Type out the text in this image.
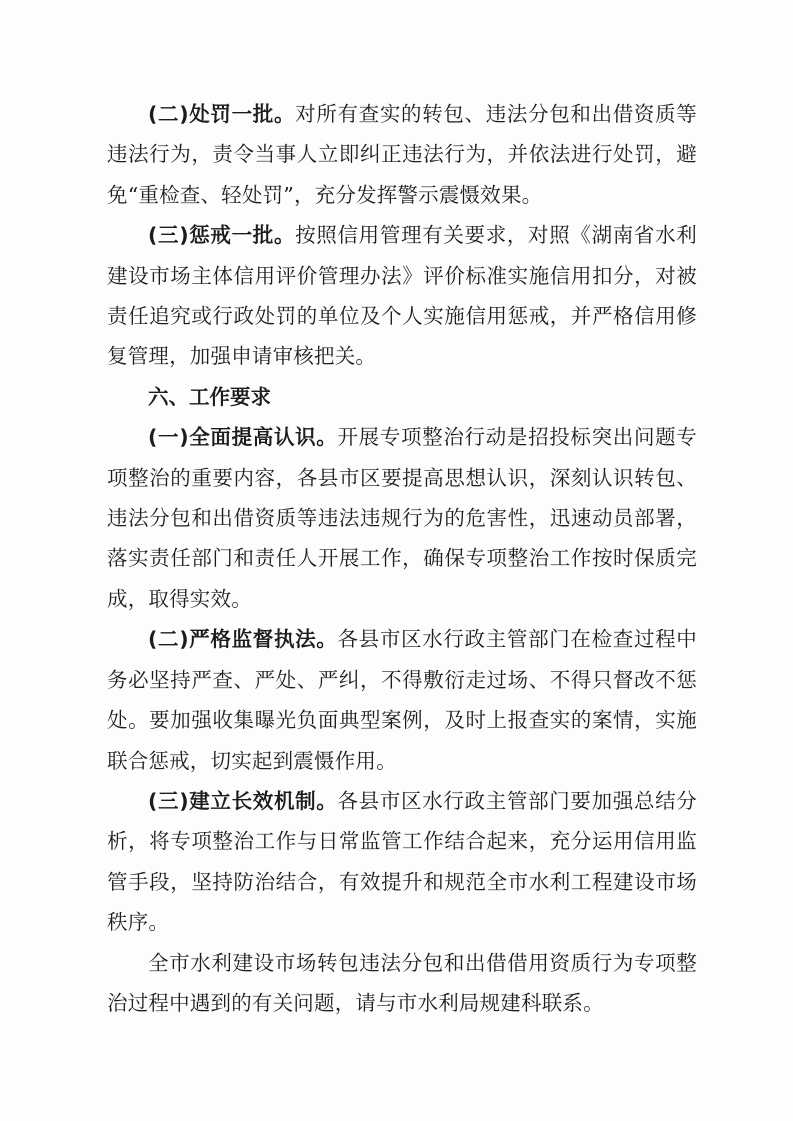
(二)处罚一批。对所有查实的转包、违法分包和出借资质等违法行为，责令当事人立即纠正违法行为，并依法进行处罚，避免“重检查、轻处罚”，充分发挥警示震慑效果。

(三)惩戒一批。按照信用管理有关要求，对照《湖南省水利建设市场主体信用评价管理办法》评价标准实施信用扣分，对被责任追究或行政处罚的单位及个人实施信用惩戒，并严格信用修复管理，加强申请审核把关。

六、工作要求

(一)全面提高认识。开展专项整治行动是招投标突出问题专项整治的重要内容，各县市区要提高思想认识，深刻认识转包、违法分包和出借资质等违法违规行为的危害性，迅速动员部署，落实责任部门和责任人开展工作，确保专项整治工作按时保质完成，取得实效。

(二)严格监督执法。各县市区水行政主管部门在检查过程中务必坚持严查、严处、严纠，不得敷衍走过场、不得只督改不惩处。要加强收集曝光负面典型案例，及时上报查实的案情，实施联合惩戒，切实起到震慑作用。

(三)建立长效机制。各县市区水行政主管部门要加强总结分析，将专项整治工作与日常监管工作结合起来，充分运用信用监管手段，坚持防治结合，有效提升和规范全市水利工程建设市场秩序。

全市水利建设市场转包违法分包和出借借用资质行为专项整治过程中遇到的有关问题，请与市水利局规建科联系。
